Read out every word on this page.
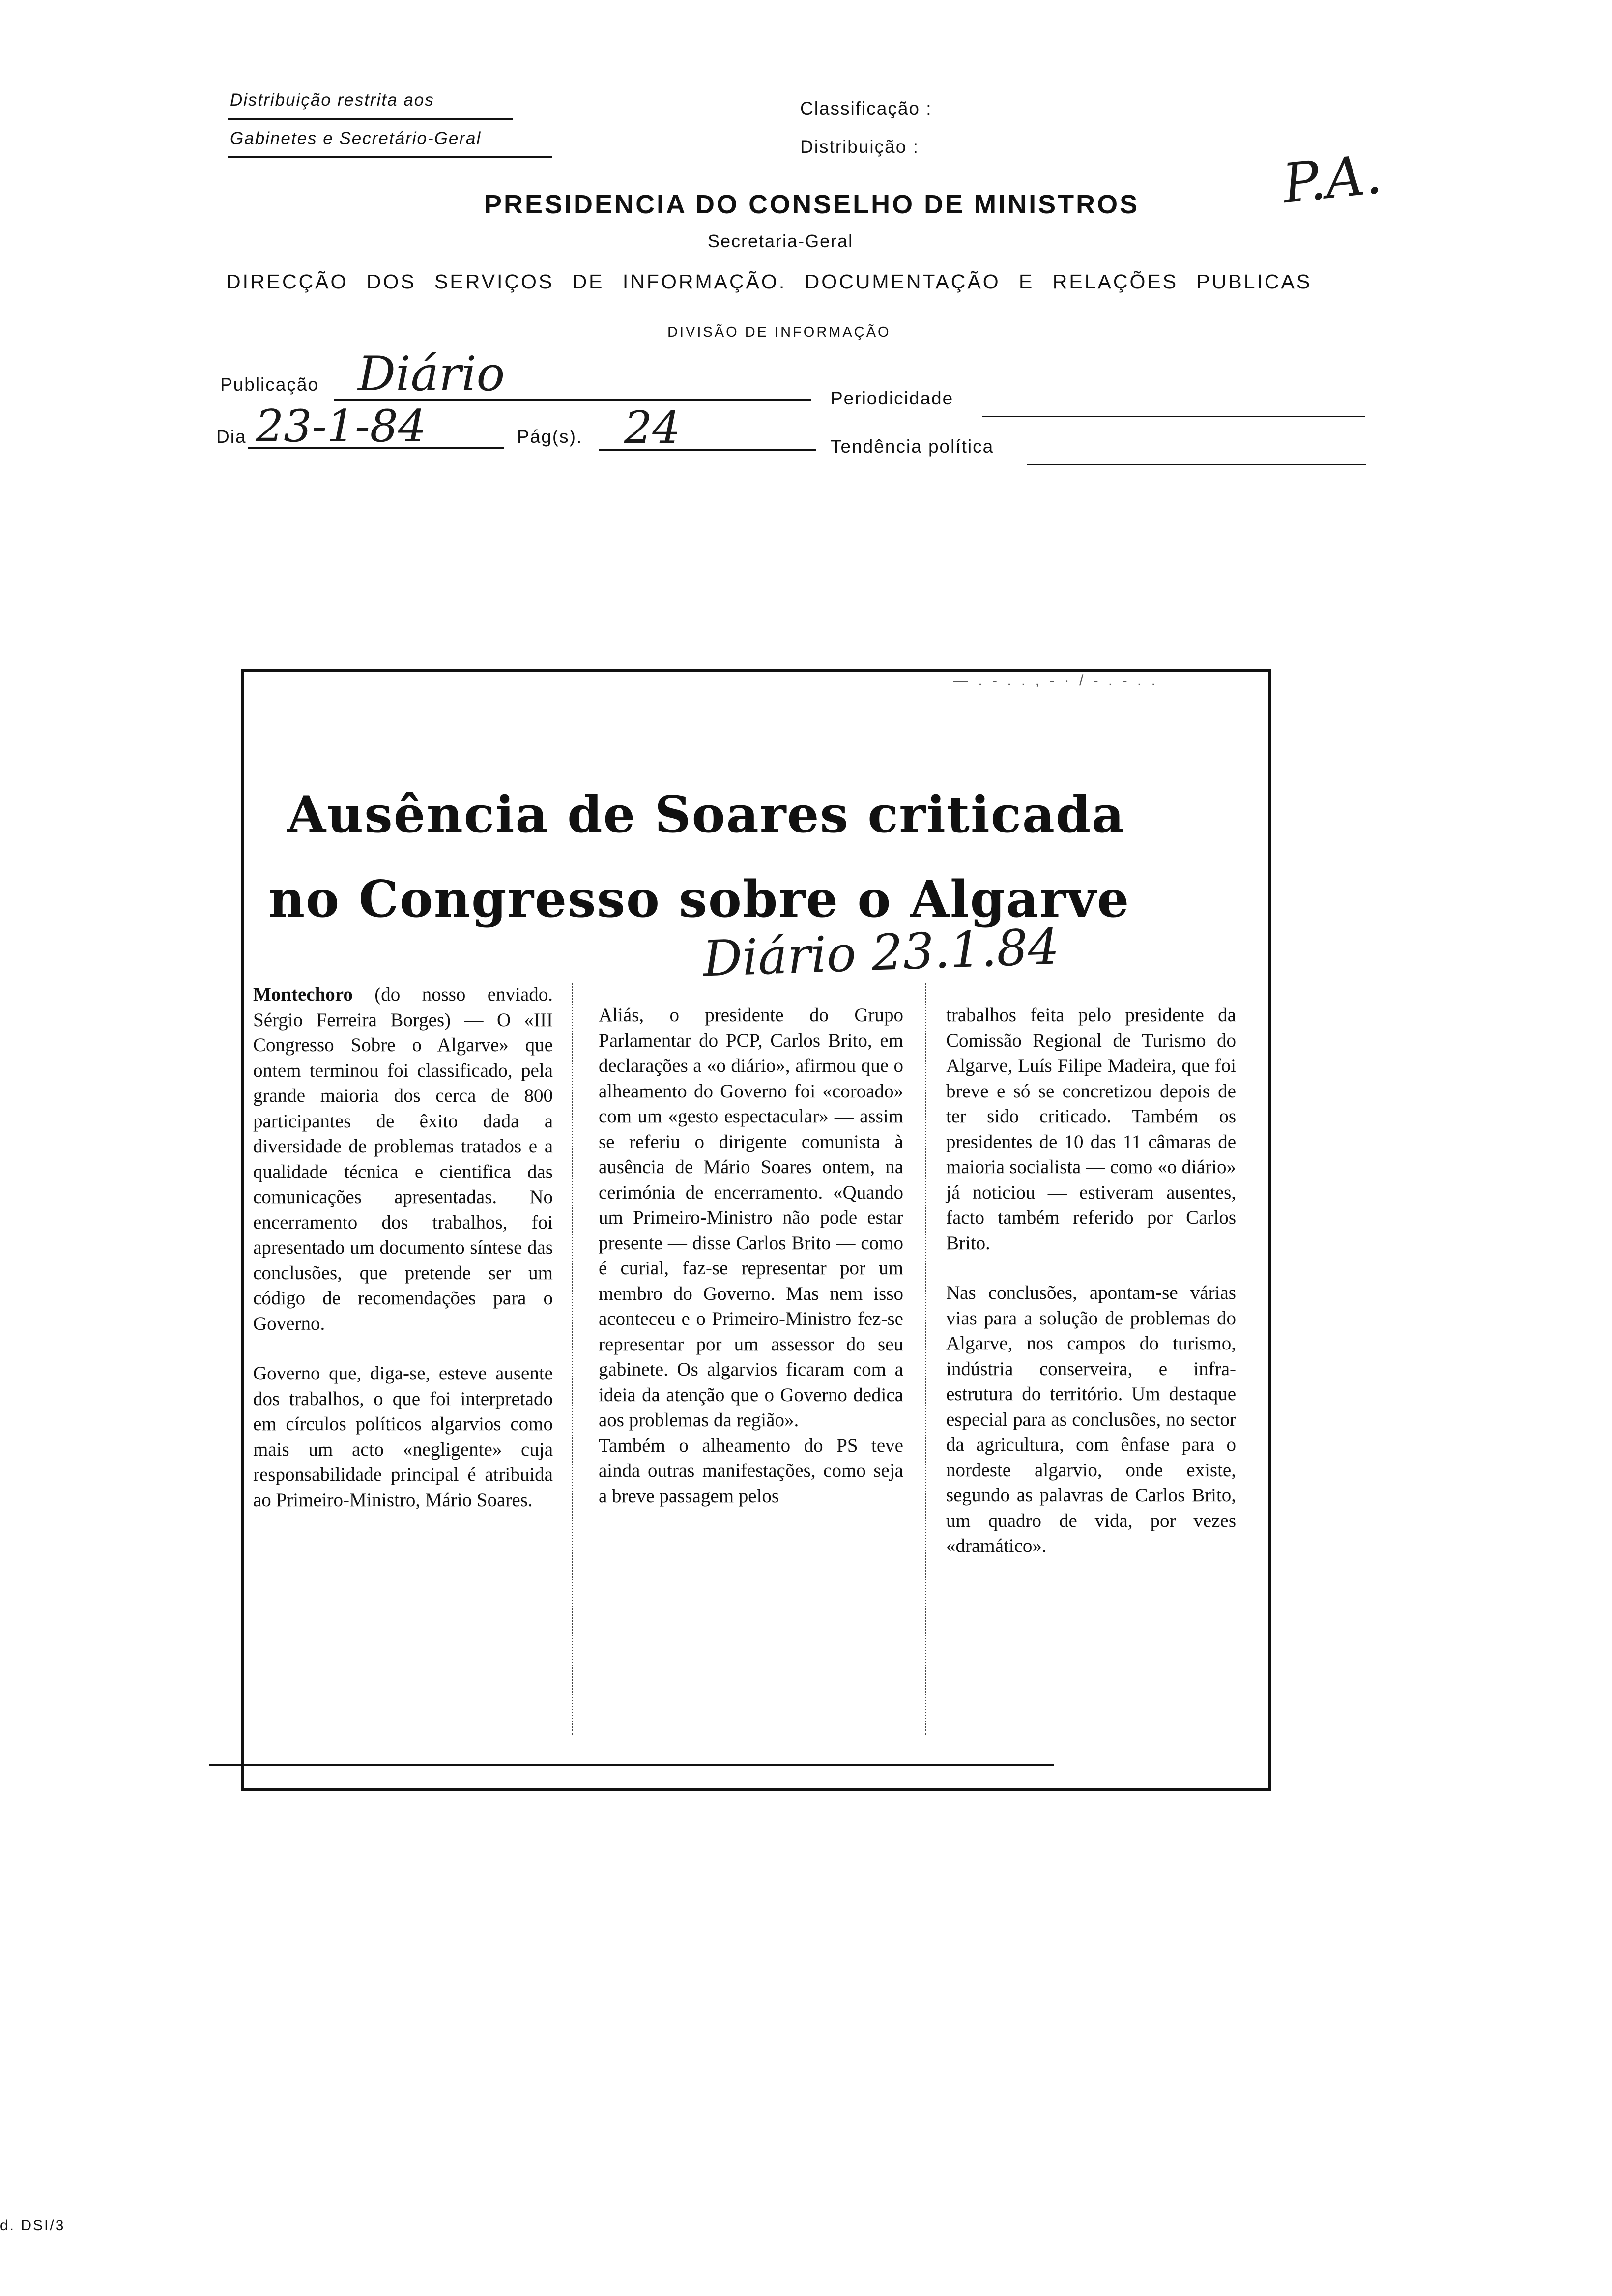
Distribuição restrita aos
Gabinetes e Secretário-Geral
Classificação :
Distribuição :	P.A.
PRESIDENCIA DO CONSELHO DE MINISTROS
Secretaria-Geral
DIRECÇÃO DOS SERVIÇOS DE INFORMAÇÃO. DOCUMENTAÇÃO E RELAÇÕES PUBLICAS
DIVISÃO DE INFORMAÇÃO
Publicação Diário	Periodicidade
Dia 23-1-84	Pág(s). 24	Tendência política
— . - . . , - · / - . - . .
Ausência de Soares criticada
no Congresso sobre o Algarve
Diário 23.1.84

Montechoro (do nosso enviado. Sérgio Ferreira Borges) — O «III Congresso Sobre o Algarve» que ontem terminou foi classificado, pela grande maioria dos cerca de 800 participantes de êxito dada a diversidade de problemas tratados e a qualidade técnica e cientifica das comunicações apresentadas. No encerramento dos trabalhos, foi apresentado um documento síntese das conclusões, que pretende ser um código de recomendações para o Governo.

Governo que, diga-se, esteve ausente dos trabalhos, o que foi interpretado em círculos políticos algarvios como mais um acto «negligente» cuja responsabilidade principal é atribuida ao Primeiro-Ministro, Mário Soares.

Aliás, o presidente do Grupo Parlamentar do PCP, Carlos Brito, em declarações a «o diário», afirmou que o alheamento do Governo foi «coroado» com um «gesto espectacular» — assim se referiu o dirigente comunista à ausência de Mário Soares ontem, na cerimónia de encerramento. «Quando um Primeiro-Ministro não pode estar presente — disse Carlos Brito — como é curial, faz-se representar por um membro do Governo. Mas nem isso aconteceu e o Primeiro-Ministro fez-se representar por um assessor do seu gabinete. Os algarvios ficaram com a ideia da atenção que o Governo dedica aos problemas da região».

Também o alheamento do PS teve ainda outras manifestações, como seja a breve passagem pelos

trabalhos feita pelo presidente da Comissão Regional de Turismo do Algarve, Luís Filipe Madeira, que foi breve e só se concretizou depois de ter sido criticado. Também os presidentes de 10 das 11 câmaras de maioria socialista — como «o diário» já noticiou — estiveram ausentes, facto também referido por Carlos Brito.

Nas conclusões, apontam-se várias vias para a solução de problemas do Algarve, nos campos do turismo, indústria conserveira, e infra-estrutura do território. Um destaque especial para as conclusões, no sector da agricultura, com ênfase para o nordeste algarvio, onde existe, segundo as palavras de Carlos Brito, um quadro de vida, por vezes «dramático».

d. DSI/3
